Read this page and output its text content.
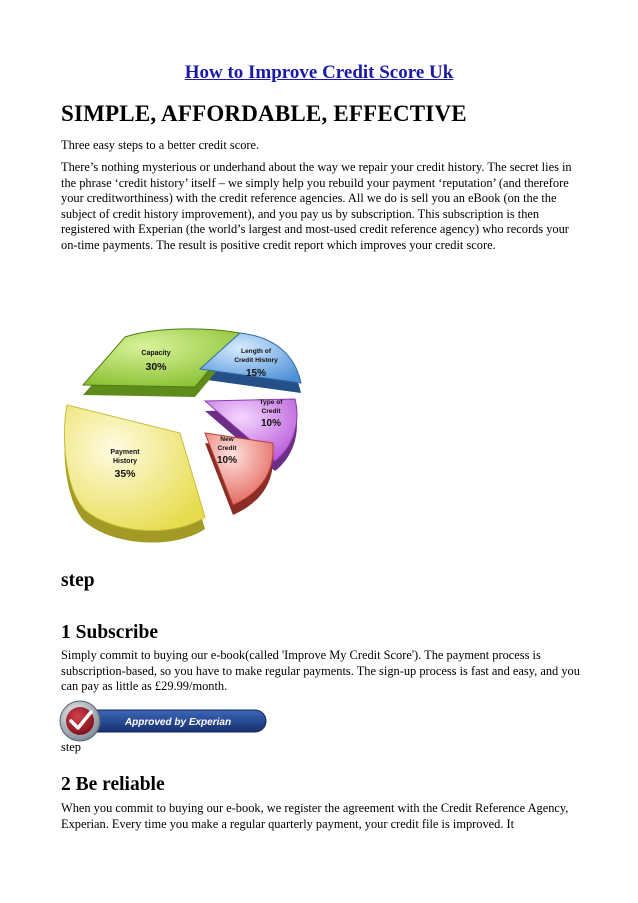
How to Improve Credit Score Uk
SIMPLE, AFFORDABLE, EFFECTIVE

Three easy steps to a better credit score.

There’s nothing mysterious or underhand about the way we repair your credit history. The secret lies in the phrase ‘credit history’ itself – we simply help you rebuild your payment ‘reputation’ (and therefore your creditworthiness) with the credit reference agencies. All we do is sell you an eBook (on the the subject of credit history improvement), and you pay us by subscription. This subscription is then registered with Experian (the world’s largest and most-used credit reference agency) who records your on-time payments. The result is positive credit report which improves your credit score.

Capacity
30%
Length of
Credit History
15%
Type of
Credit
10%
New
Credit
10%
Payment
History
35%
step
1 Subscribe

Simply commit to buying our e-book(called 'Improve My Credit Score'). The payment process is subscription-based, so you have to make regular payments. The sign-up process is fast and easy, and you can pay as little as £29.99/month.

Approved by Experian
step
2 Be reliable

When you commit to buying our e-book, we register the agreement with the Credit Reference Agency, Experian. Every time you make a regular quarterly payment, your credit file is improved. It
